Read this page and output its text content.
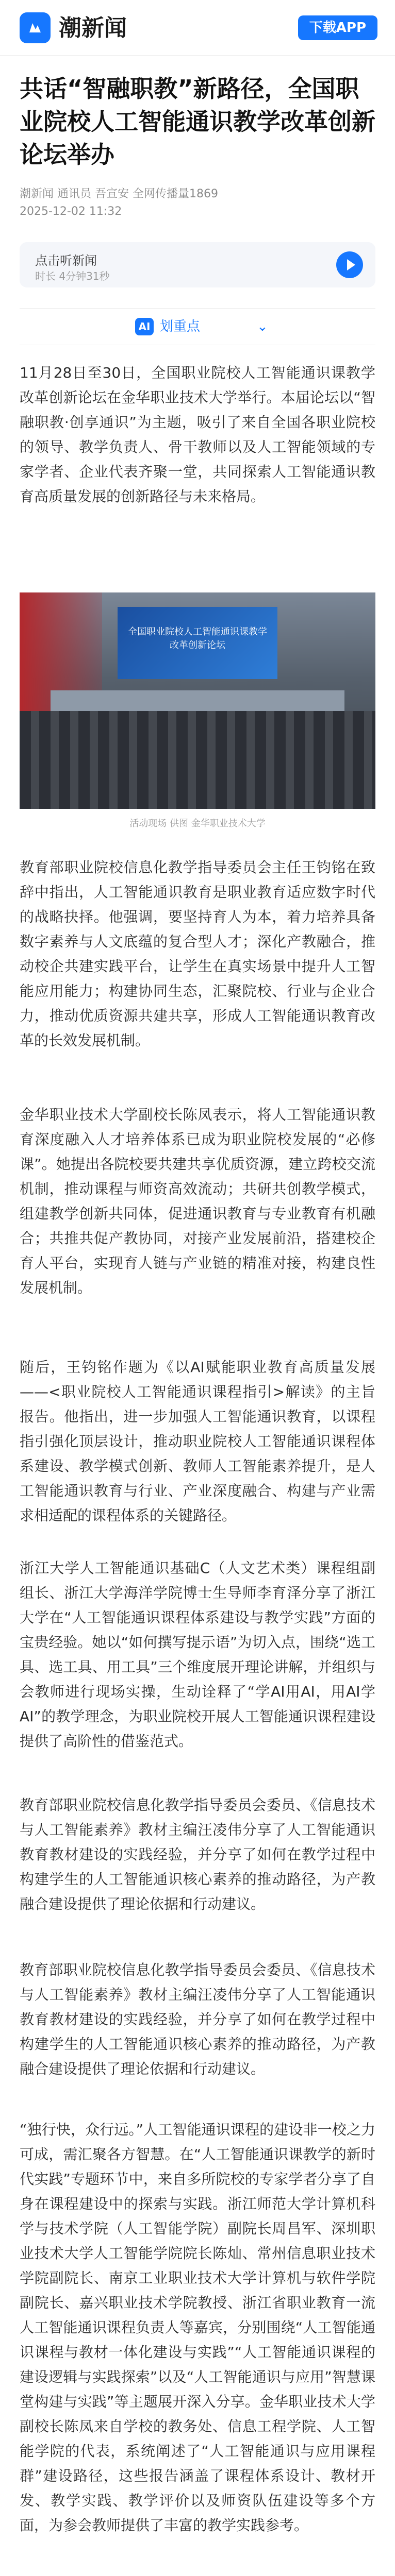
潮新闻	下载APP
共话“智融职教”新路径，全国职业院校人工智能通识教学改革创新论坛举办
潮新闻 通讯员 吾宣安 全网传播量1869
2025-12-02 11:32
点击听新闻
时长 4分钟31秒
AI 划重点	⌄

11月28日至30日，全国职业院校人工智能通识课教学改革创新论坛在金华职业技术大学举行。本届论坛以“智融职教·创享通识”为主题，吸引了来自全国各职业院校的领导、教学负责人、骨干教师以及人工智能领域的专家学者、企业代表齐聚一堂，共同探索人工智能通识教育高质量发展的创新路径与未来格局。

全国职业院校人工智能通识课教学改革创新论坛
活动现场 供图 金华职业技术大学

教育部职业院校信息化教学指导委员会主任王钧铭在致辞中指出，人工智能通识教育是职业教育适应数字时代的战略抉择。他强调，要坚持育人为本，着力培养具备数字素养与人文底蕴的复合型人才；深化产教融合，推动校企共建实践平台，让学生在真实场景中提升人工智能应用能力；构建协同生态，汇聚院校、行业与企业合力，推动优质资源共建共享，形成人工智能通识教育改革的长效发展机制。

金华职业技术大学副校长陈凤表示，将人工智能通识教育深度融入人才培养体系已成为职业院校发展的“必修课”。她提出各院校要共建共享优质资源，建立跨校交流机制，推动课程与师资高效流动；共研共创教学模式，组建教学创新共同体，促进通识教育与专业教育有机融合；共推共促产教协同，对接产业发展前沿，搭建校企育人平台，实现育人链与产业链的精准对接，构建良性发展机制。

随后，王钧铭作题为《以AI赋能职业教育高质量发展——<职业院校人工智能通识课程指引>解读》的主旨报告。他指出，进一步加强人工智能通识教育，以课程指引强化顶层设计，推动职业院校人工智能通识课程体系建设、教学模式创新、教师人工智能素养提升，是人工智能通识教育与行业、产业深度融合、构建与产业需求相适配的课程体系的关键路径。

浙江大学人工智能通识基础C（人文艺术类）课程组副组长、浙江大学海洋学院博士生导师李育泽分享了浙江大学在“人工智能通识课程体系建设与教学实践”方面的宝贵经验。她以“如何撰写提示语”为切入点，围绕“选工具、选工具、用工具”三个维度展开理论讲解，并组织与会教师进行现场实操，生动诠释了“学AI用AI，用AI学AI”的教学理念，为职业院校开展人工智能通识课程建设提供了高阶性的借鉴范式。

教育部职业院校信息化教学指导委员会委员、《信息技术与人工智能素养》教材主编汪凌伟分享了人工智能通识教育教材建设的实践经验，并分享了如何在教学过程中构建学生的人工智能通识核心素养的推动路径，为产教融合建设提供了理论依据和行动建议。

教育部职业院校信息化教学指导委员会委员、《信息技术与人工智能素养》教材主编汪凌伟分享了人工智能通识教育教材建设的实践经验，并分享了如何在教学过程中构建学生的人工智能通识核心素养的推动路径，为产教融合建设提供了理论依据和行动建议。

“独行快，众行远。”人工智能通识课程的建设非一校之力可成，需汇聚各方智慧。在“人工智能通识课教学的新时代实践”专题环节中，来自多所院校的专家学者分享了自身在课程建设中的探索与实践。浙江师范大学计算机科学与技术学院（人工智能学院）副院长周昌军、深圳职业技术大学人工智能学院院长陈灿、常州信息职业技术学院副院长、南京工业职业技术大学计算机与软件学院副院长、嘉兴职业技术学院教授、浙江省职业教育一流人工智能通识课程负责人等嘉宾，分别围绕“人工智能通识课程与教材一体化建设与实践”“人工智能通识课程的建设逻辑与实践探索”以及“人工智能通识与应用”智慧课堂构建与实践”等主题展开深入分享。金华职业技术大学副校长陈凤来自学校的教务处、信息工程学院、人工智能学院的代表，系统阐述了“人工智能通识与应用课程群”建设路径，这些报告涵盖了课程体系设计、教材开发、教学实践、教学评价以及师资队伍建设等多个方面，为参会教师提供了丰富的教学实践参考。
